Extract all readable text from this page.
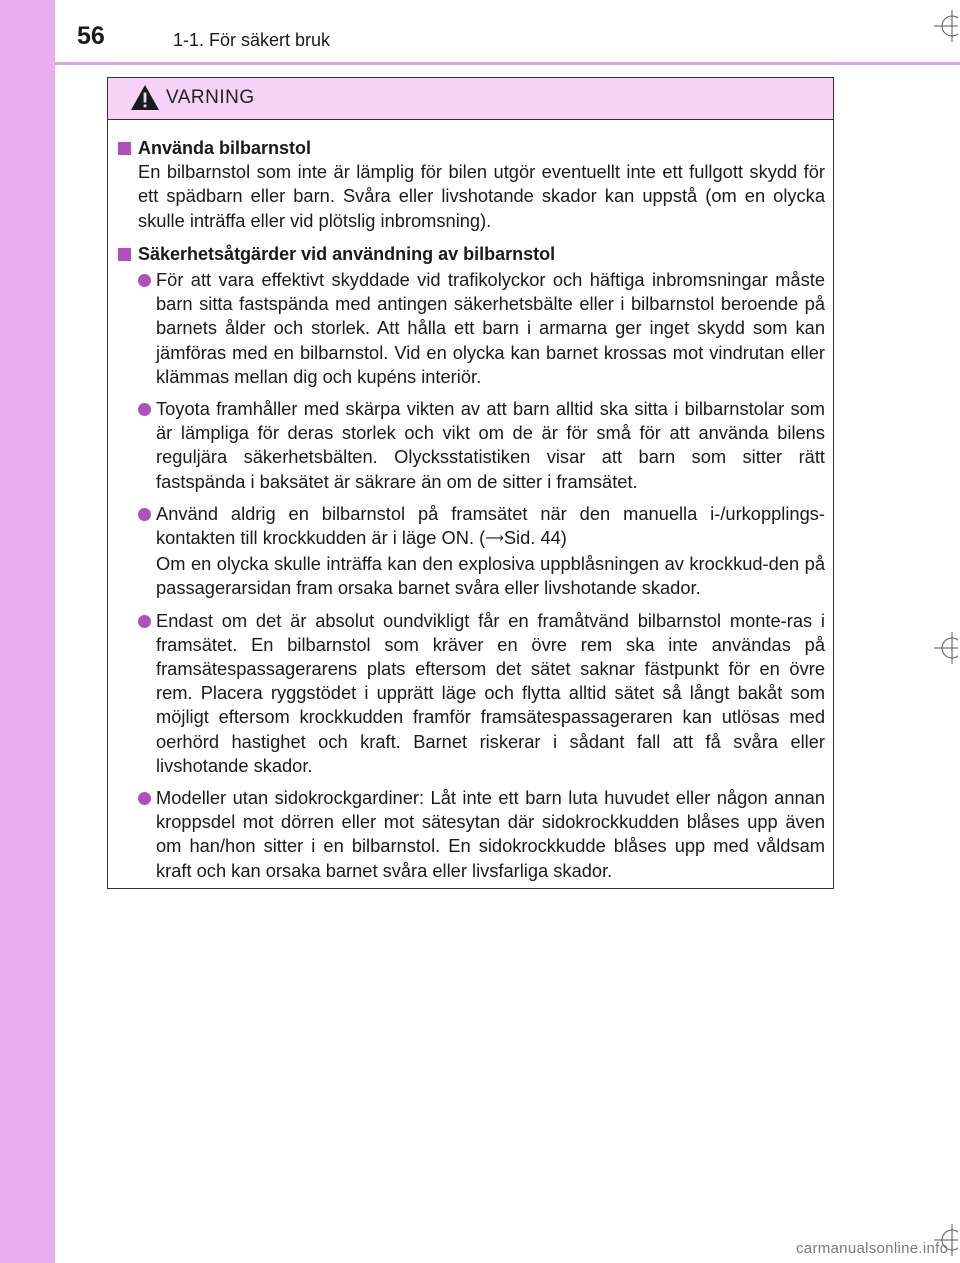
56	1-1. För säkert bruk
VARNING
Använda bilbarnstol
En bilbarnstol som inte är lämplig för bilen utgör eventuellt inte ett fullgott skydd för ett spädbarn eller barn. Svåra eller livshotande skador kan uppstå (om en olycka skulle inträffa eller vid plötslig inbromsning).
Säkerhetsåtgärder vid användning av bilbarnstol
För att vara effektivt skyddade vid trafikolyckor och häftiga inbromsningar måste barn sitta fastspända med antingen säkerhetsbälte eller i bilbarnstol beroende på barnets ålder och storlek. Att hålla ett barn i armarna ger inget skydd som kan jämföras med en bilbarnstol. Vid en olycka kan barnet krossas mot vindrutan eller klämmas mellan dig och kupéns interiör.
Toyota framhåller med skärpa vikten av att barn alltid ska sitta i bilbarnstolar som är lämpliga för deras storlek och vikt om de är för små för att använda bilens reguljära säkerhetsbälten. Olycksstatistiken visar att barn som sitter rätt fastspända i baksätet är säkrare än om de sitter i framsätet.
Använd aldrig en bilbarnstol på framsätet när den manuella i-/urkopplings-kontakten till krockkudden är i läge ON. (⟶Sid. 44)
Om en olycka skulle inträffa kan den explosiva uppblåsningen av krockkud-den på passagerarsidan fram orsaka barnet svåra eller livshotande skador.
Endast om det är absolut oundvikligt får en framåtvänd bilbarnstol monte-ras i framsätet. En bilbarnstol som kräver en övre rem ska inte användas på framsätespassagerarens plats eftersom det sätet saknar fästpunkt för en övre rem. Placera ryggstödet i upprätt läge och flytta alltid sätet så långt bakåt som möjligt eftersom krockkudden framför framsätespassageraren kan utlösas med oerhörd hastighet och kraft. Barnet riskerar i sådant fall att få svåra eller livshotande skador.
Modeller utan sidokrockgardiner: Låt inte ett barn luta huvudet eller någon annan kroppsdel mot dörren eller mot sätesytan där sidokrockkudden blåses upp även om han/hon sitter i en bilbarnstol. En sidokrockkudde blåses upp med våldsam kraft och kan orsaka barnet svåra eller livsfarliga skador.
carmanualsonline.info
